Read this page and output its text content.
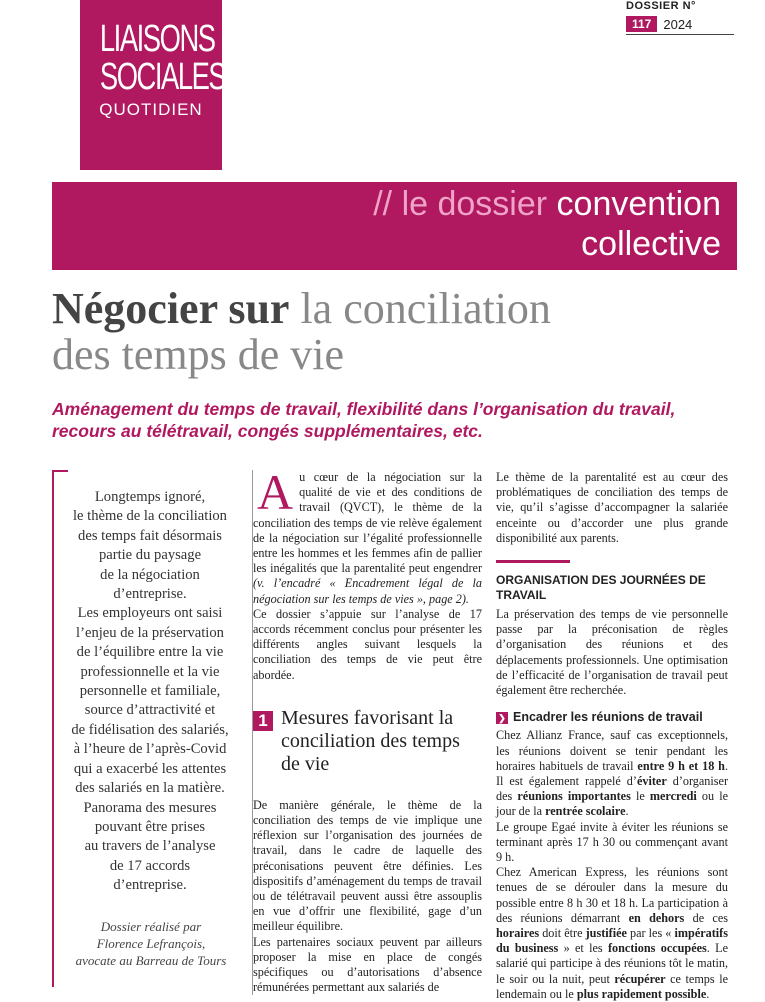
LIAISONS
SOCIALES
QUOTIDIEN
DOSSIER N°
117 2024
// le dossier convention
collective
Négocier sur la conciliation
des temps de vie
Aménagement du temps de travail, flexibilité dans l’organisation du travail, recours au télétravail, congés supplémentaires, etc.
Longtemps ignoré,
le thème de la conciliation
des temps fait désormais
partie du paysage
de la négociation
d’entreprise.
Les employeurs ont saisi
l’enjeu de la préservation
de l’équilibre entre la vie
professionnelle et la vie
personnelle et familiale,
source d’attractivité et
de fidélisation des salariés,
à l’heure de l’après-Covid
qui a exacerbé les attentes
des salariés en la matière.
Panorama des mesures
pouvant être prises
au travers de l’analyse
de 17 accords
d’entreprise.
Dossier réalisé par
Florence Lefrançois,
avocate au Barreau de Tours

Au cœur de la négociation sur la qualité de vie et des conditions de travail (QVCT), le thème de la conciliation des temps de vie relève également de la négociation sur l’égalité professionnelle entre les hommes et les femmes afin de pallier les inégalités que la parentalité peut engendrer (v. l’encadré « Encadrement légal de la négociation sur les temps de vies », page 2).

Ce dossier s’appuie sur l’analyse de 17 accords récemment conclus pour présenter les différents angles suivant lesquels la conciliation des temps de vie peut être abordée.

1 Mesures favorisant la conciliation des temps de vie

De manière générale, le thème de la conciliation des temps de vie implique une réflexion sur l’organisation des journées de travail, dans le cadre de laquelle des préconisations peuvent être définies. Les dispositifs d’aménagement du temps de travail ou de télétravail peuvent aussi être assouplis en vue d’offrir une flexibilité, gage d’un meilleur équilibre.

Les partenaires sociaux peuvent par ailleurs proposer la mise en place de congés spécifiques ou d’autorisations d’absence rémunérées permettant aux salariés de

Le thème de la parentalité est au cœur des problématiques de conciliation des temps de vie, qu’il s’agisse d’accompagner la salariée enceinte ou d’accorder une plus grande disponibilité aux parents.

ORGANISATION DES JOURNÉES DE TRAVAIL

La préservation des temps de vie personnelle passe par la préconisation de règles d’organisation des réunions et des déplacements professionnels. Une optimisation de l’efficacité de l’organisation de travail peut également être recherchée.

❯ Encadrer les réunions de travail

Chez Allianz France, sauf cas exceptionnels, les réunions doivent se tenir pendant les horaires habituels de travail entre 9 h et 18 h. Il est également rappelé d’éviter d’organiser des réunions importantes le mercredi ou le jour de la rentrée scolaire.

Le groupe Egaé invite à éviter les réunions se terminant après 17 h 30 ou commençant avant 9 h.

Chez American Express, les réunions sont tenues de se dérouler dans la mesure du possible entre 8 h 30 et 18 h. La participation à des réunions démarrant en dehors de ces horaires doit être justifiée par les « impératifs du business » et les fonctions occupées. Le salarié qui participe à des réunions tôt le matin, le soir ou la nuit, peut récupérer ce temps le lendemain ou le plus rapidement possible.
